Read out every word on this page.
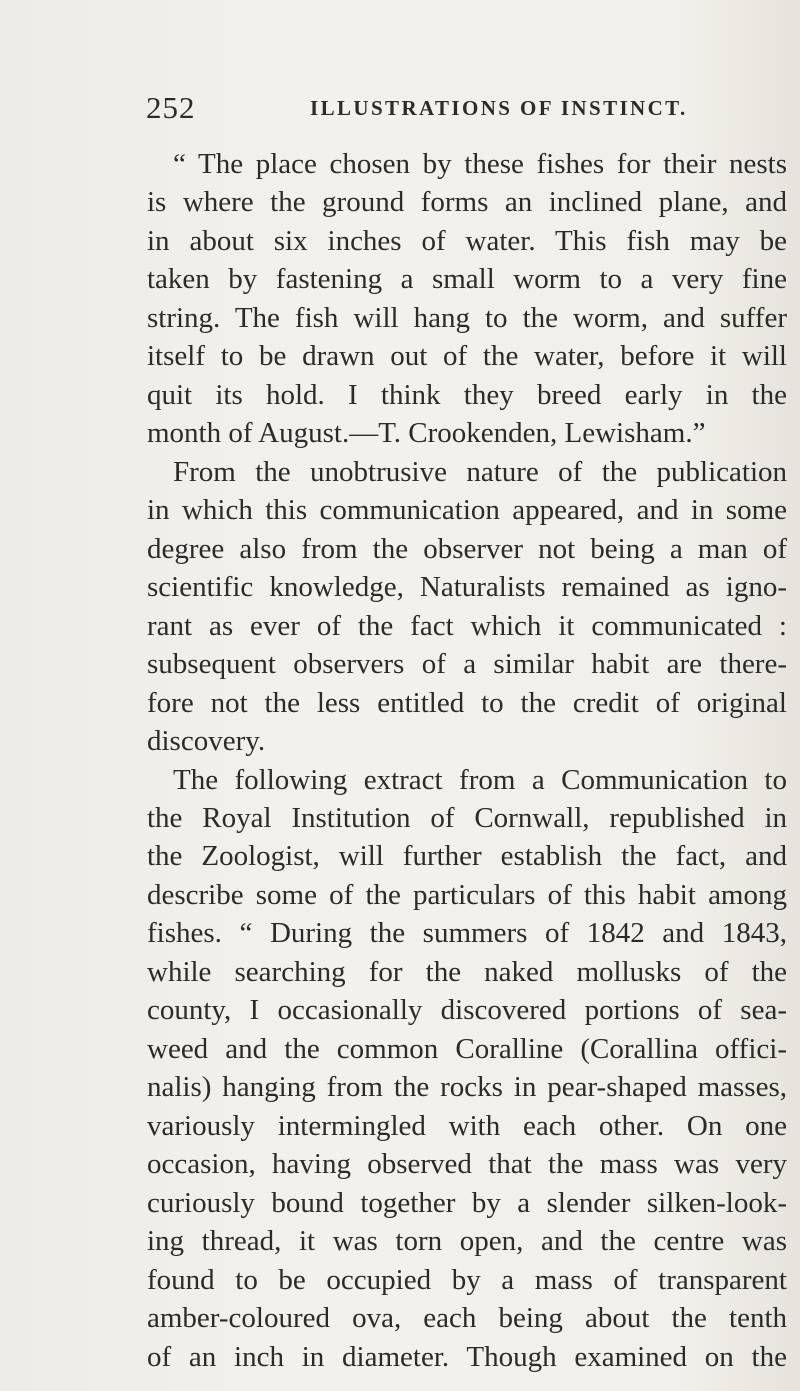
252	ILLUSTRATIONS OF INSTINCT.
“ The place chosen by these fishes for their nests
is where the ground forms an inclined plane, and
in about six inches of water. This fish may be
taken by fastening a small worm to a very fine
string. The fish will hang to the worm, and suffer
itself to be drawn out of the water, before it will
quit its hold. I think they breed early in the
month of August.—T. Crookenden, Lewisham.”
From the unobtrusive nature of the publication
in which this communication appeared, and in some
degree also from the observer not being a man of
scientific knowledge, Naturalists remained as igno-
rant as ever of the fact which it communicated :
subsequent observers of a similar habit are there-
fore not the less entitled to the credit of original
discovery.
The following extract from a Communication to
the Royal Institution of Cornwall, republished in
the Zoologist, will further establish the fact, and
describe some of the particulars of this habit among
fishes. “ During the summers of 1842 and 1843,
while searching for the naked mollusks of the
county, I occasionally discovered portions of sea-
weed and the common Coralline (Corallina offici-
nalis) hanging from the rocks in pear-shaped masses,
variously intermingled with each other. On one
occasion, having observed that the mass was very
curiously bound together by a slender silken-look-
ing thread, it was torn open, and the centre was
found to be occupied by a mass of transparent
amber-coloured ova, each being about the tenth
of an inch in diameter. Though examined on the
